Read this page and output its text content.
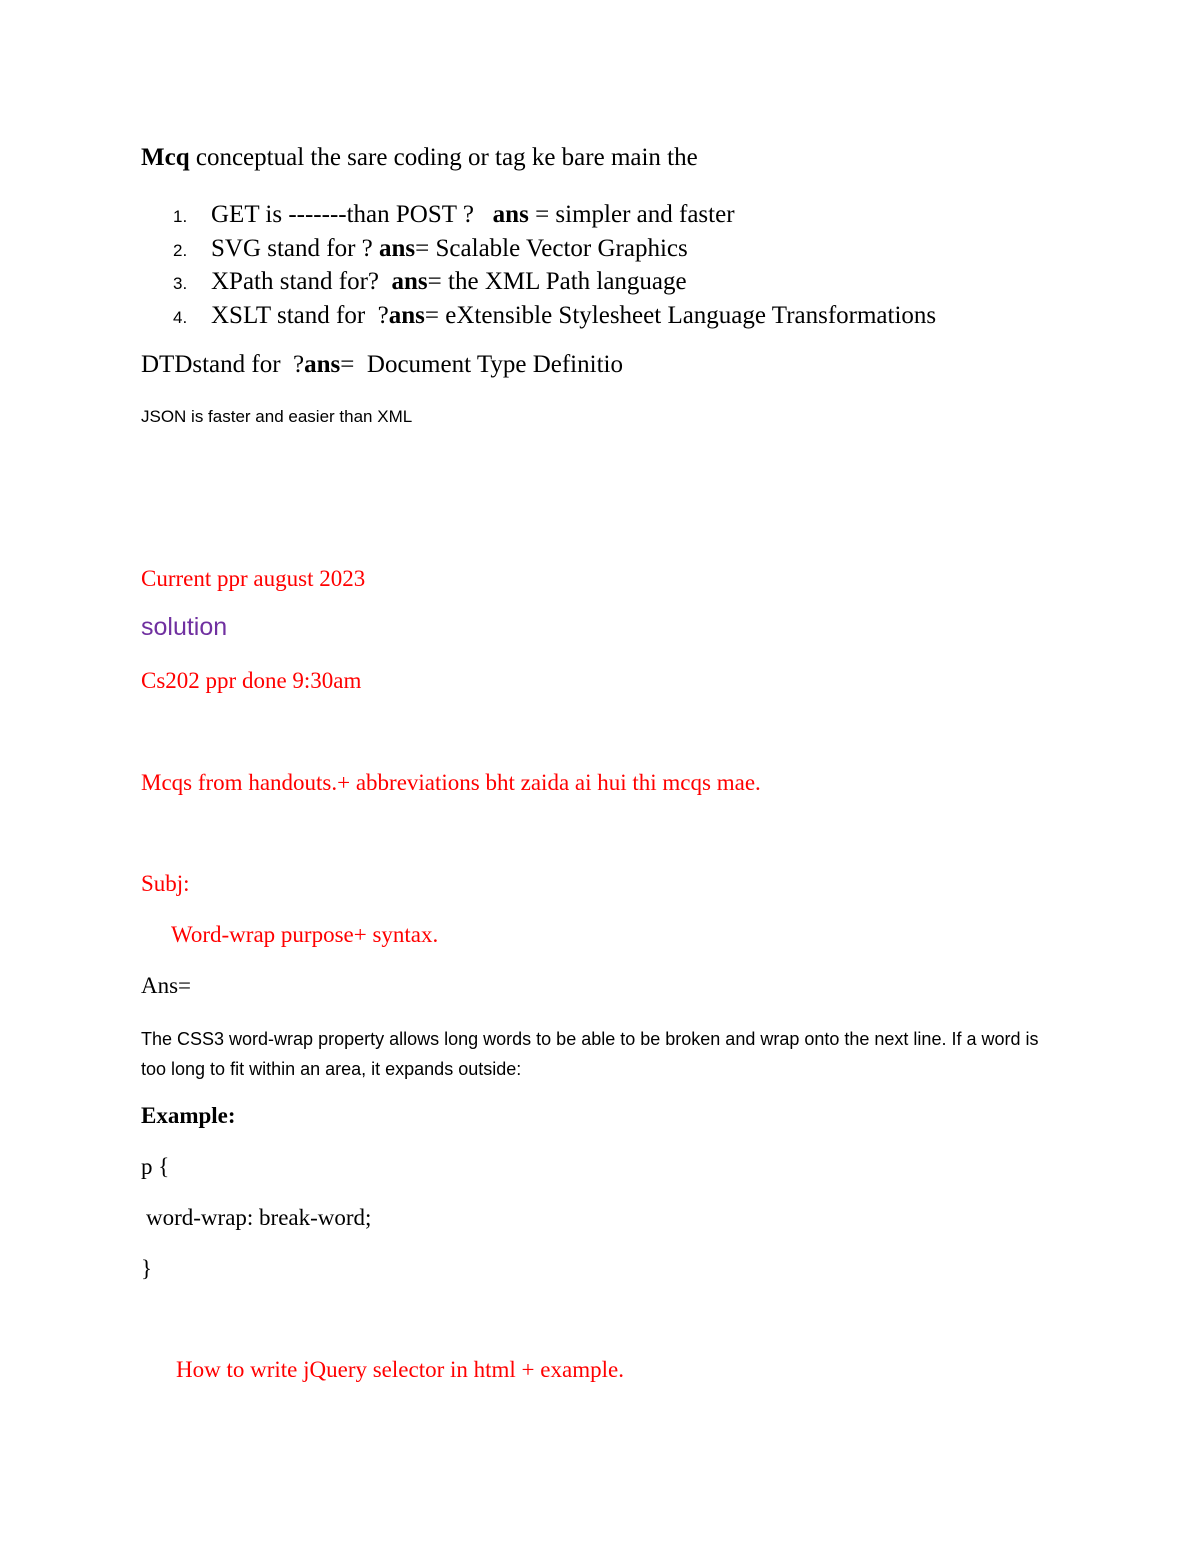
Mcq conceptual the sare coding or tag ke bare main the
1. GET is -------than POST ?   ans = simpler and faster
2. SVG stand for ? ans= Scalable Vector Graphics
3. XPath stand for?  ans= the XML Path language
4. XSLT stand for  ?ans= eXtensible Stylesheet Language Transformations
DTDstand for  ?ans=  Document Type Definitio
JSON is faster and easier than XML
Current ppr august 2023
solution
Cs202 ppr done 9:30am
Mcqs from handouts.+ abbreviations bht zaida ai hui thi mcqs mae.
Subj:
Word-wrap purpose+ syntax.
Ans=
The CSS3 word-wrap property allows long words to be able to be broken and wrap onto the next line. If a word is too long to fit within an area, it expands outside:
Example:
p {
word-wrap: break-word;
}
How to write jQuery selector in html + example.
